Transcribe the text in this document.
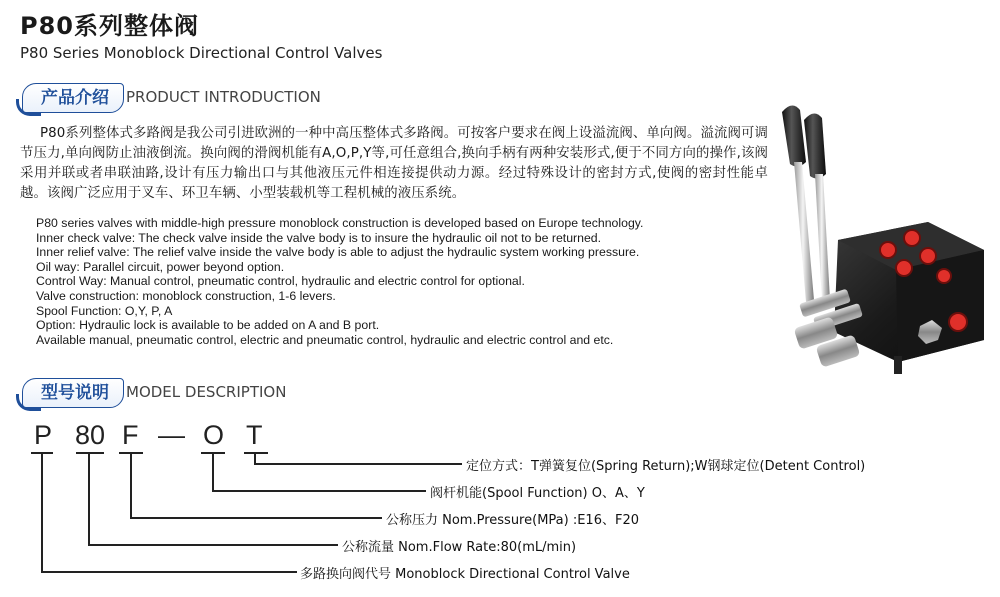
P80系列整体阀
P80 Series Monoblock Directional Control Valves
产品介绍	PRODUCT INTRODUCTION
P80系列整体式多路阀是我公司引进欧洲的一种中高压整体式多路阀。可按客户要求在阀上设溢流阀、单向阀。溢流阀可调节压力,单向阀防止油液倒流。换向阀的滑阀机能有A,O,P,Y等,可任意组合,换向手柄有两种安装形式,便于不同方向的操作,该阀采用并联或者串联油路,设计有压力输出口与其他液压元件相连接提供动力源。经过特殊设计的密封方式,使阀的密封性能卓越。该阀广泛应用于叉车、环卫车辆、小型装载机等工程机械的液压系统。
P80 series valves with middle-high pressure monoblock construction is developed based on Europe technology.
Inner check valve: The check valve inside the valve body is to insure the hydraulic oil not to be returned.
Inner relief valve: The relief valve inside the valve body is able to adjust the hydraulic system working pressure.
Oil way: Parallel circuit, power beyond option.
Control Way: Manual control, pneumatic control, hydraulic and electric control for optional.
Valve construction: monoblock construction, 1-6 levers.
Spool Function: O,Y, P, A
Option: Hydraulic lock is available to be added on A and B port.
Available manual, pneumatic control, electric and pneumatic control, hydraulic and electric control and etc.
型号说明	MODEL DESCRIPTION
P 80 F — O T
定位方式：T弹簧复位(Spring Return);W钢球定位(Detent Control)
阀杆机能(Spool Function) O、A、Y
公称压力 Nom.Pressure(MPa) :E16、F20
公称流量 Nom.Flow Rate:80(mL/min)
多路换向阀代号 Monoblock Directional Control Valve
